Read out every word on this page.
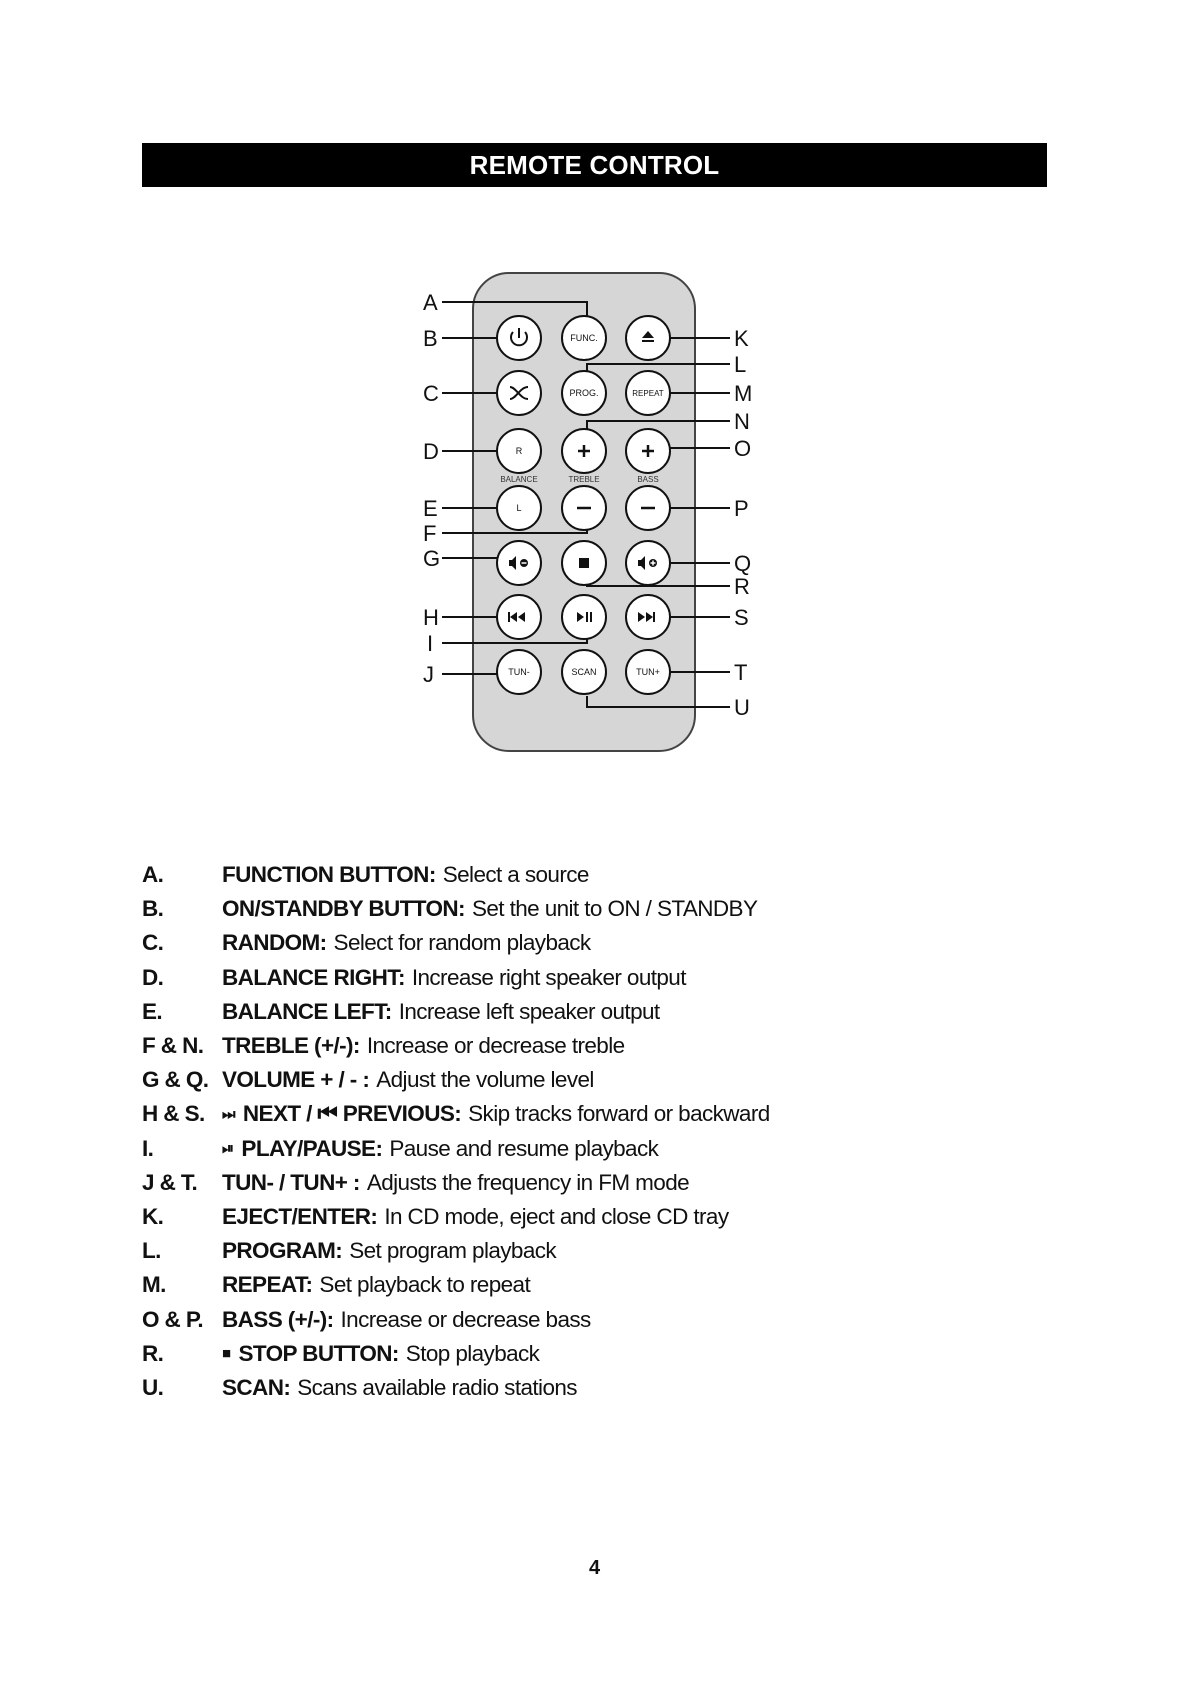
REMOTE CONTROL
A
B
C
D
E
F
G
H
I
J
K
L
M
N
O
P
Q
R
S
T
U
FUNC.
PROG.	REPEAT
R
BALANCE	TREBLE	BASS
L
TUN-	SCAN	TUN+
A.	FUNCTION BUTTON: Select a source
B.	ON/STANDBY BUTTON: Set the unit to ON / STANDBY
C.	RANDOM: Select for random playback
D.	BALANCE RIGHT: Increase right speaker output
E.	BALANCE LEFT: Increase left speaker output
F & N. TREBLE (+/-): Increase or decrease treble
G & Q. VOLUME + / - : Adjust the volume level
H & S.	⏭ NEXT / ⏮ PREVIOUS: Skip tracks forward or backward
I.	⏯ PLAY/PAUSE: Pause and resume playback
J & T.	TUN- / TUN+ : Adjusts the frequency in FM mode
K.	EJECT/ENTER: In CD mode, eject and close CD tray
L.	PROGRAM: Set program playback
M.	REPEAT: Set playback to repeat
O & P. BASS (+/-): Increase or decrease bass
R.	■ STOP BUTTON: Stop playback
U.	SCAN: Scans available radio stations
4
